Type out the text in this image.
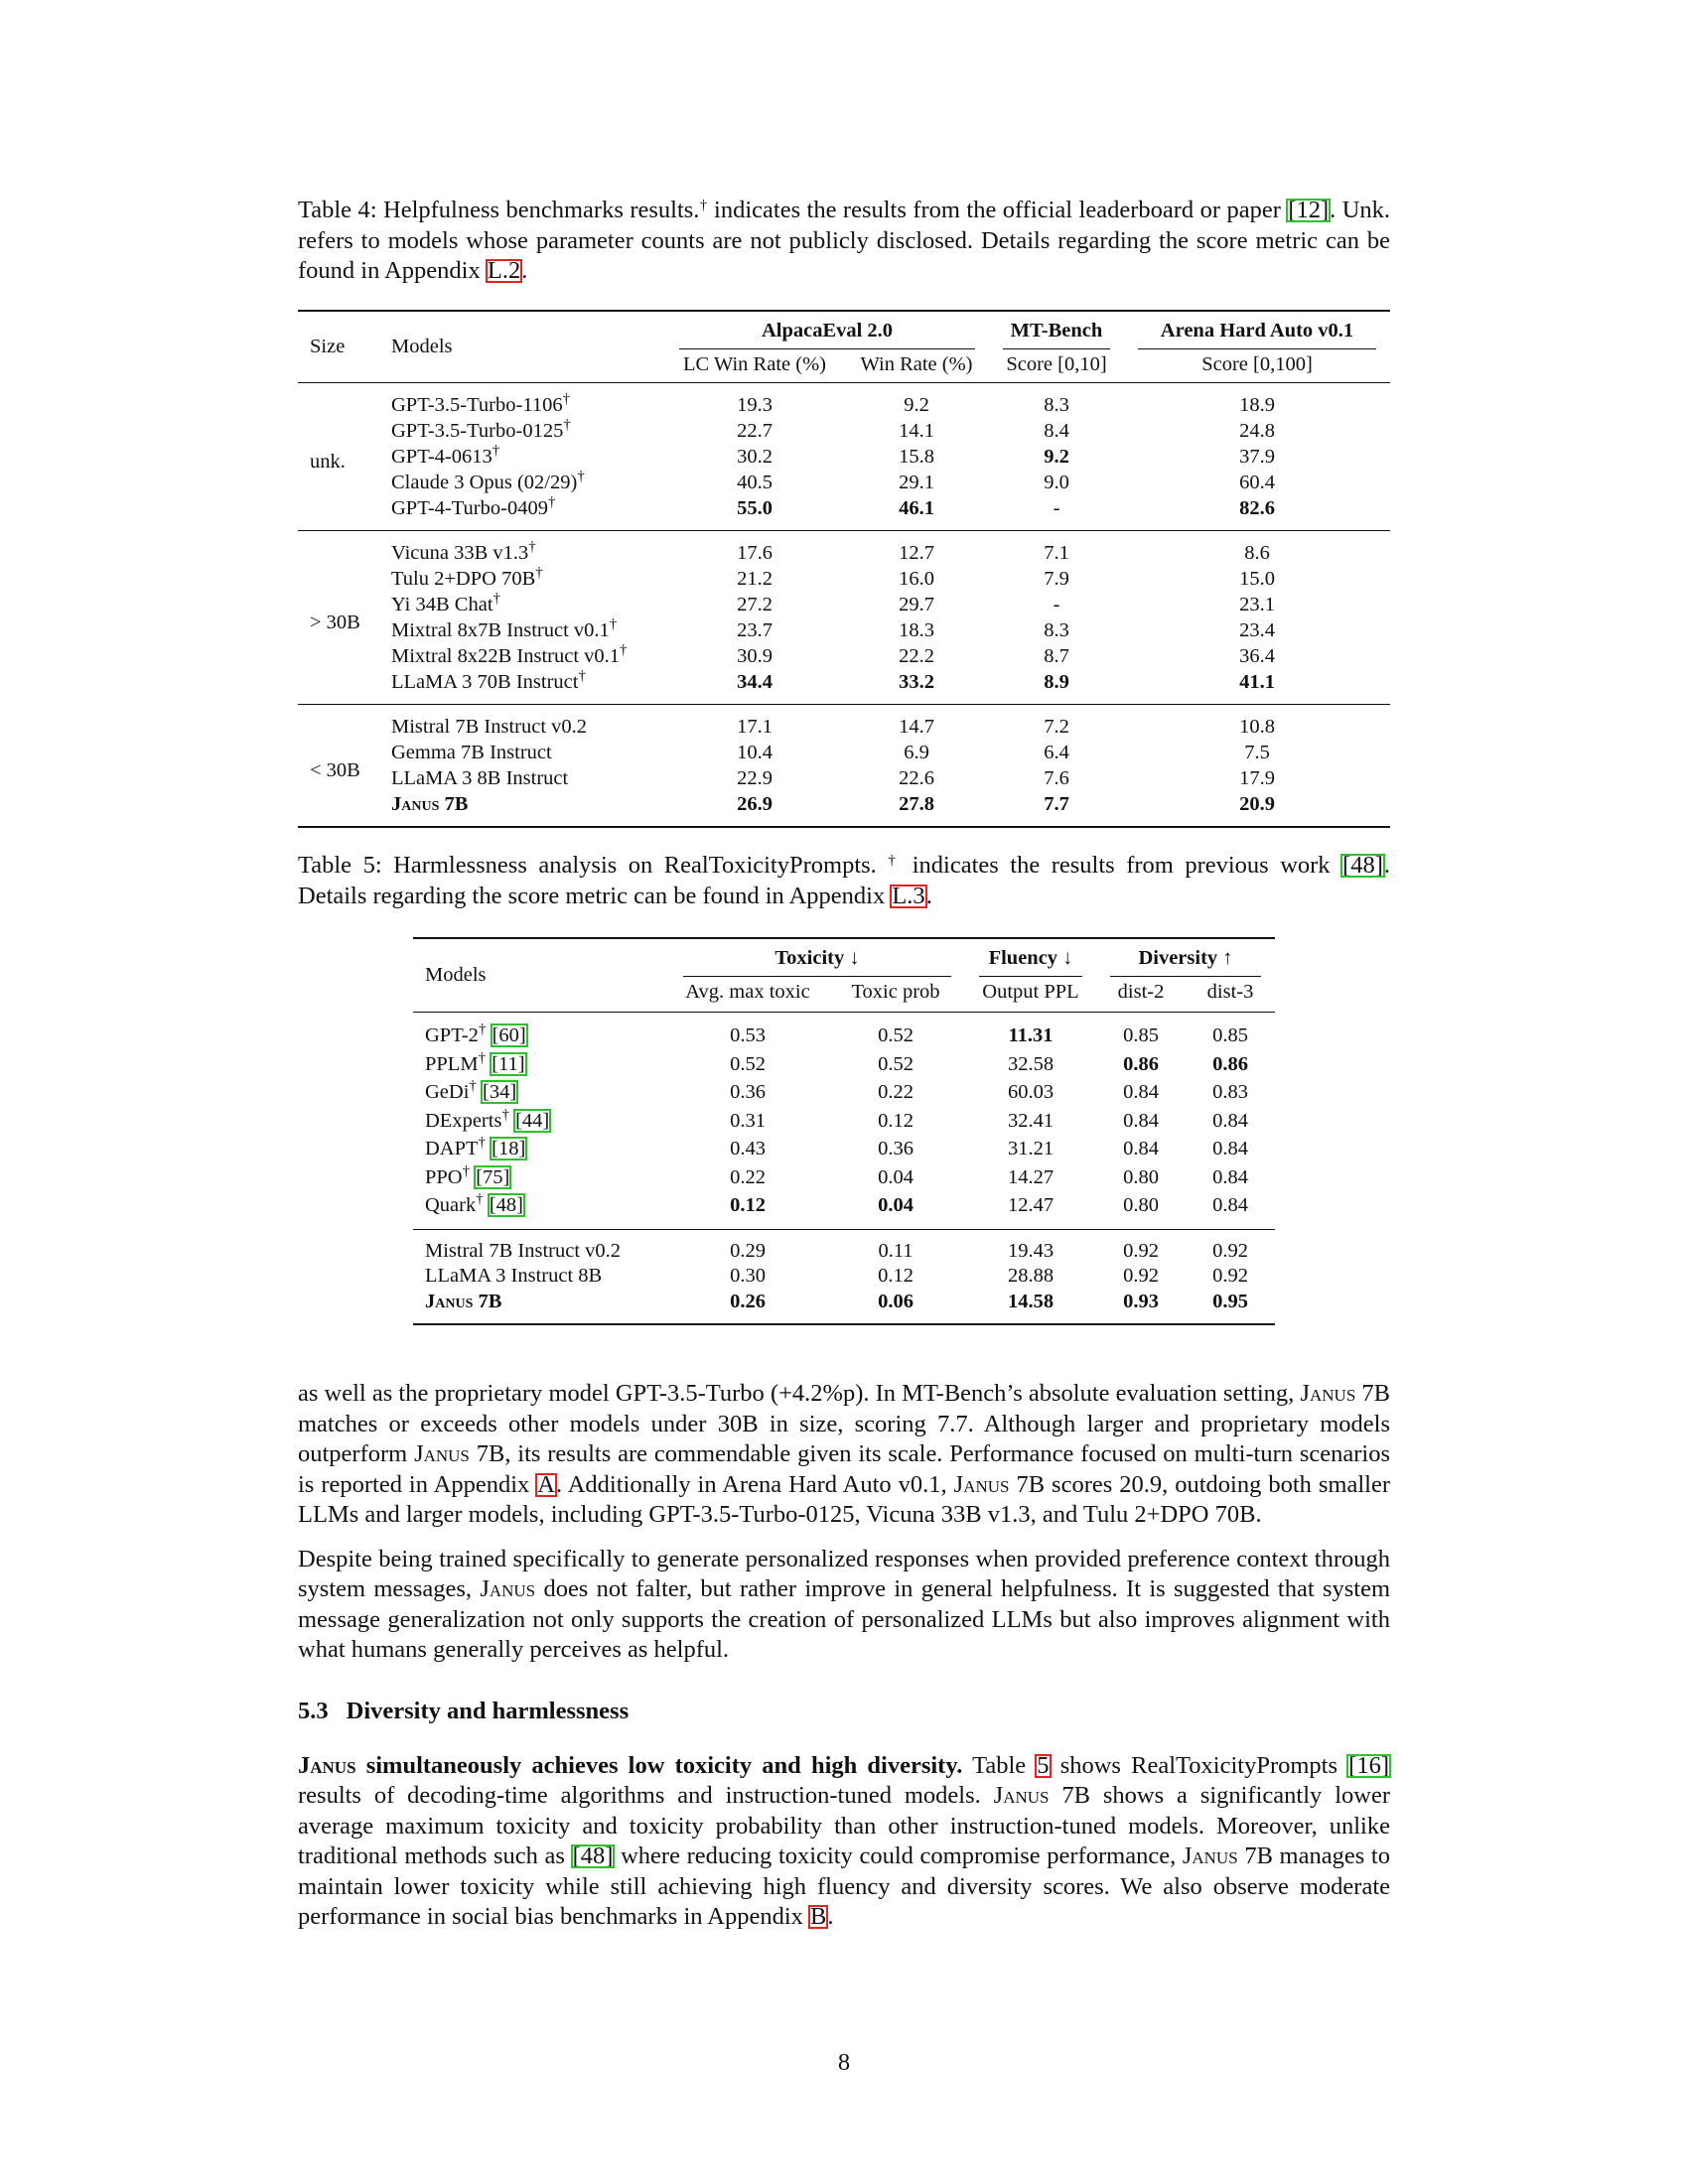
Table 4: Helpfulness benchmarks results.† indicates the results from the official leaderboard or paper [12]. Unk. refers to models whose parameter counts are not publicly disclosed. Details regarding the score metric can be found in Appendix L.2.

Size	Models	AlpacaEval 2.0		MT-Bench	Arena Hard Auto v0.1

		LC Win Rate (%)	Win Rate (%)	Score [0,10]	Score [0,100]
unk.	GPT-3.5-Turbo-1106†	19.3	9.2	8.3	18.9
	GPT-3.5-Turbo-0125†	22.7	14.1	8.4	24.8
	GPT-4-0613†	30.2	15.8	9.2	37.9
	Claude 3 Opus (02/29)†	40.5	29.1	9.0	60.4
	GPT-4-Turbo-0409†	55.0	46.1	-	82.6
> 30B	Vicuna 33B v1.3†	17.6	12.7	7.1	8.6
	Tulu 2+DPO 70B†	21.2	16.0	7.9	15.0
	Yi 34B Chat†	27.2	29.7	-	23.1
	Mixtral 8x7B Instruct v0.1†	23.7	18.3	8.3	23.4
	Mixtral 8x22B Instruct v0.1†	30.9	22.2	8.7	36.4
	LLaMA 3 70B Instruct†	34.4	33.2	8.9	41.1
< 30B	Mistral 7B Instruct v0.2	17.1	14.7	7.2	10.8
	Gemma 7B Instruct	10.4	6.9	6.4	7.5
	LLaMA 3 8B Instruct	22.9	22.6	7.6	17.9
	Janus 7B	26.9	27.8	7.7	20.9

Table 5: Harmlessness analysis on RealToxicityPrompts. † indicates the results from previous work [48]. Details regarding the score metric can be found in Appendix L.3.

Models	Toxicity ↓		Fluency ↓	Diversity ↑	

	Avg. max toxic	Toxic prob	Output PPL	dist-2	dist-3
GPT-2† [60]	0.53	0.52	11.31	0.85	0.85
PPLM† [11]	0.52	0.52	32.58	0.86	0.86
GeDi† [34]	0.36	0.22	60.03	0.84	0.83
DExperts† [44]	0.31	0.12	32.41	0.84	0.84
DAPT† [18]	0.43	0.36	31.21	0.84	0.84
PPO† [75]	0.22	0.04	14.27	0.80	0.84
Quark† [48]	0.12	0.04	12.47	0.80	0.84
Mistral 7B Instruct v0.2	0.29	0.11	19.43	0.92	0.92
LLaMA 3 Instruct 8B	0.30	0.12	28.88	0.92	0.92
Janus 7B	0.26	0.06	14.58	0.93	0.95

as well as the proprietary model GPT-3.5-Turbo (+4.2%p). In MT-Bench’s absolute evaluation setting, Janus 7B matches or exceeds other models under 30B in size, scoring 7.7. Although larger and proprietary models outperform Janus 7B, its results are commendable given its scale. Performance focused on multi-turn scenarios is reported in Appendix A. Additionally in Arena Hard Auto v0.1, Janus 7B scores 20.9, outdoing both smaller LLMs and larger models, including GPT-3.5-Turbo-0125, Vicuna 33B v1.3, and Tulu 2+DPO 70B.

Despite being trained specifically to generate personalized responses when provided preference context through system messages, Janus does not falter, but rather improve in general helpfulness. It is suggested that system message generalization not only supports the creation of personalized LLMs but also improves alignment with what humans generally perceives as helpful.

5.3 Diversity and harmlessness

Janus simultaneously achieves low toxicity and high diversity. Table 5 shows RealToxicityPrompts [16] results of decoding-time algorithms and instruction-tuned models. Janus 7B shows a significantly lower average maximum toxicity and toxicity probability than other instruction-tuned models. Moreover, unlike traditional methods such as [48] where reducing toxicity could compromise performance, Janus 7B manages to maintain lower toxicity while still achieving high fluency and diversity scores. We also observe moderate performance in social bias benchmarks in Appendix B.

8
